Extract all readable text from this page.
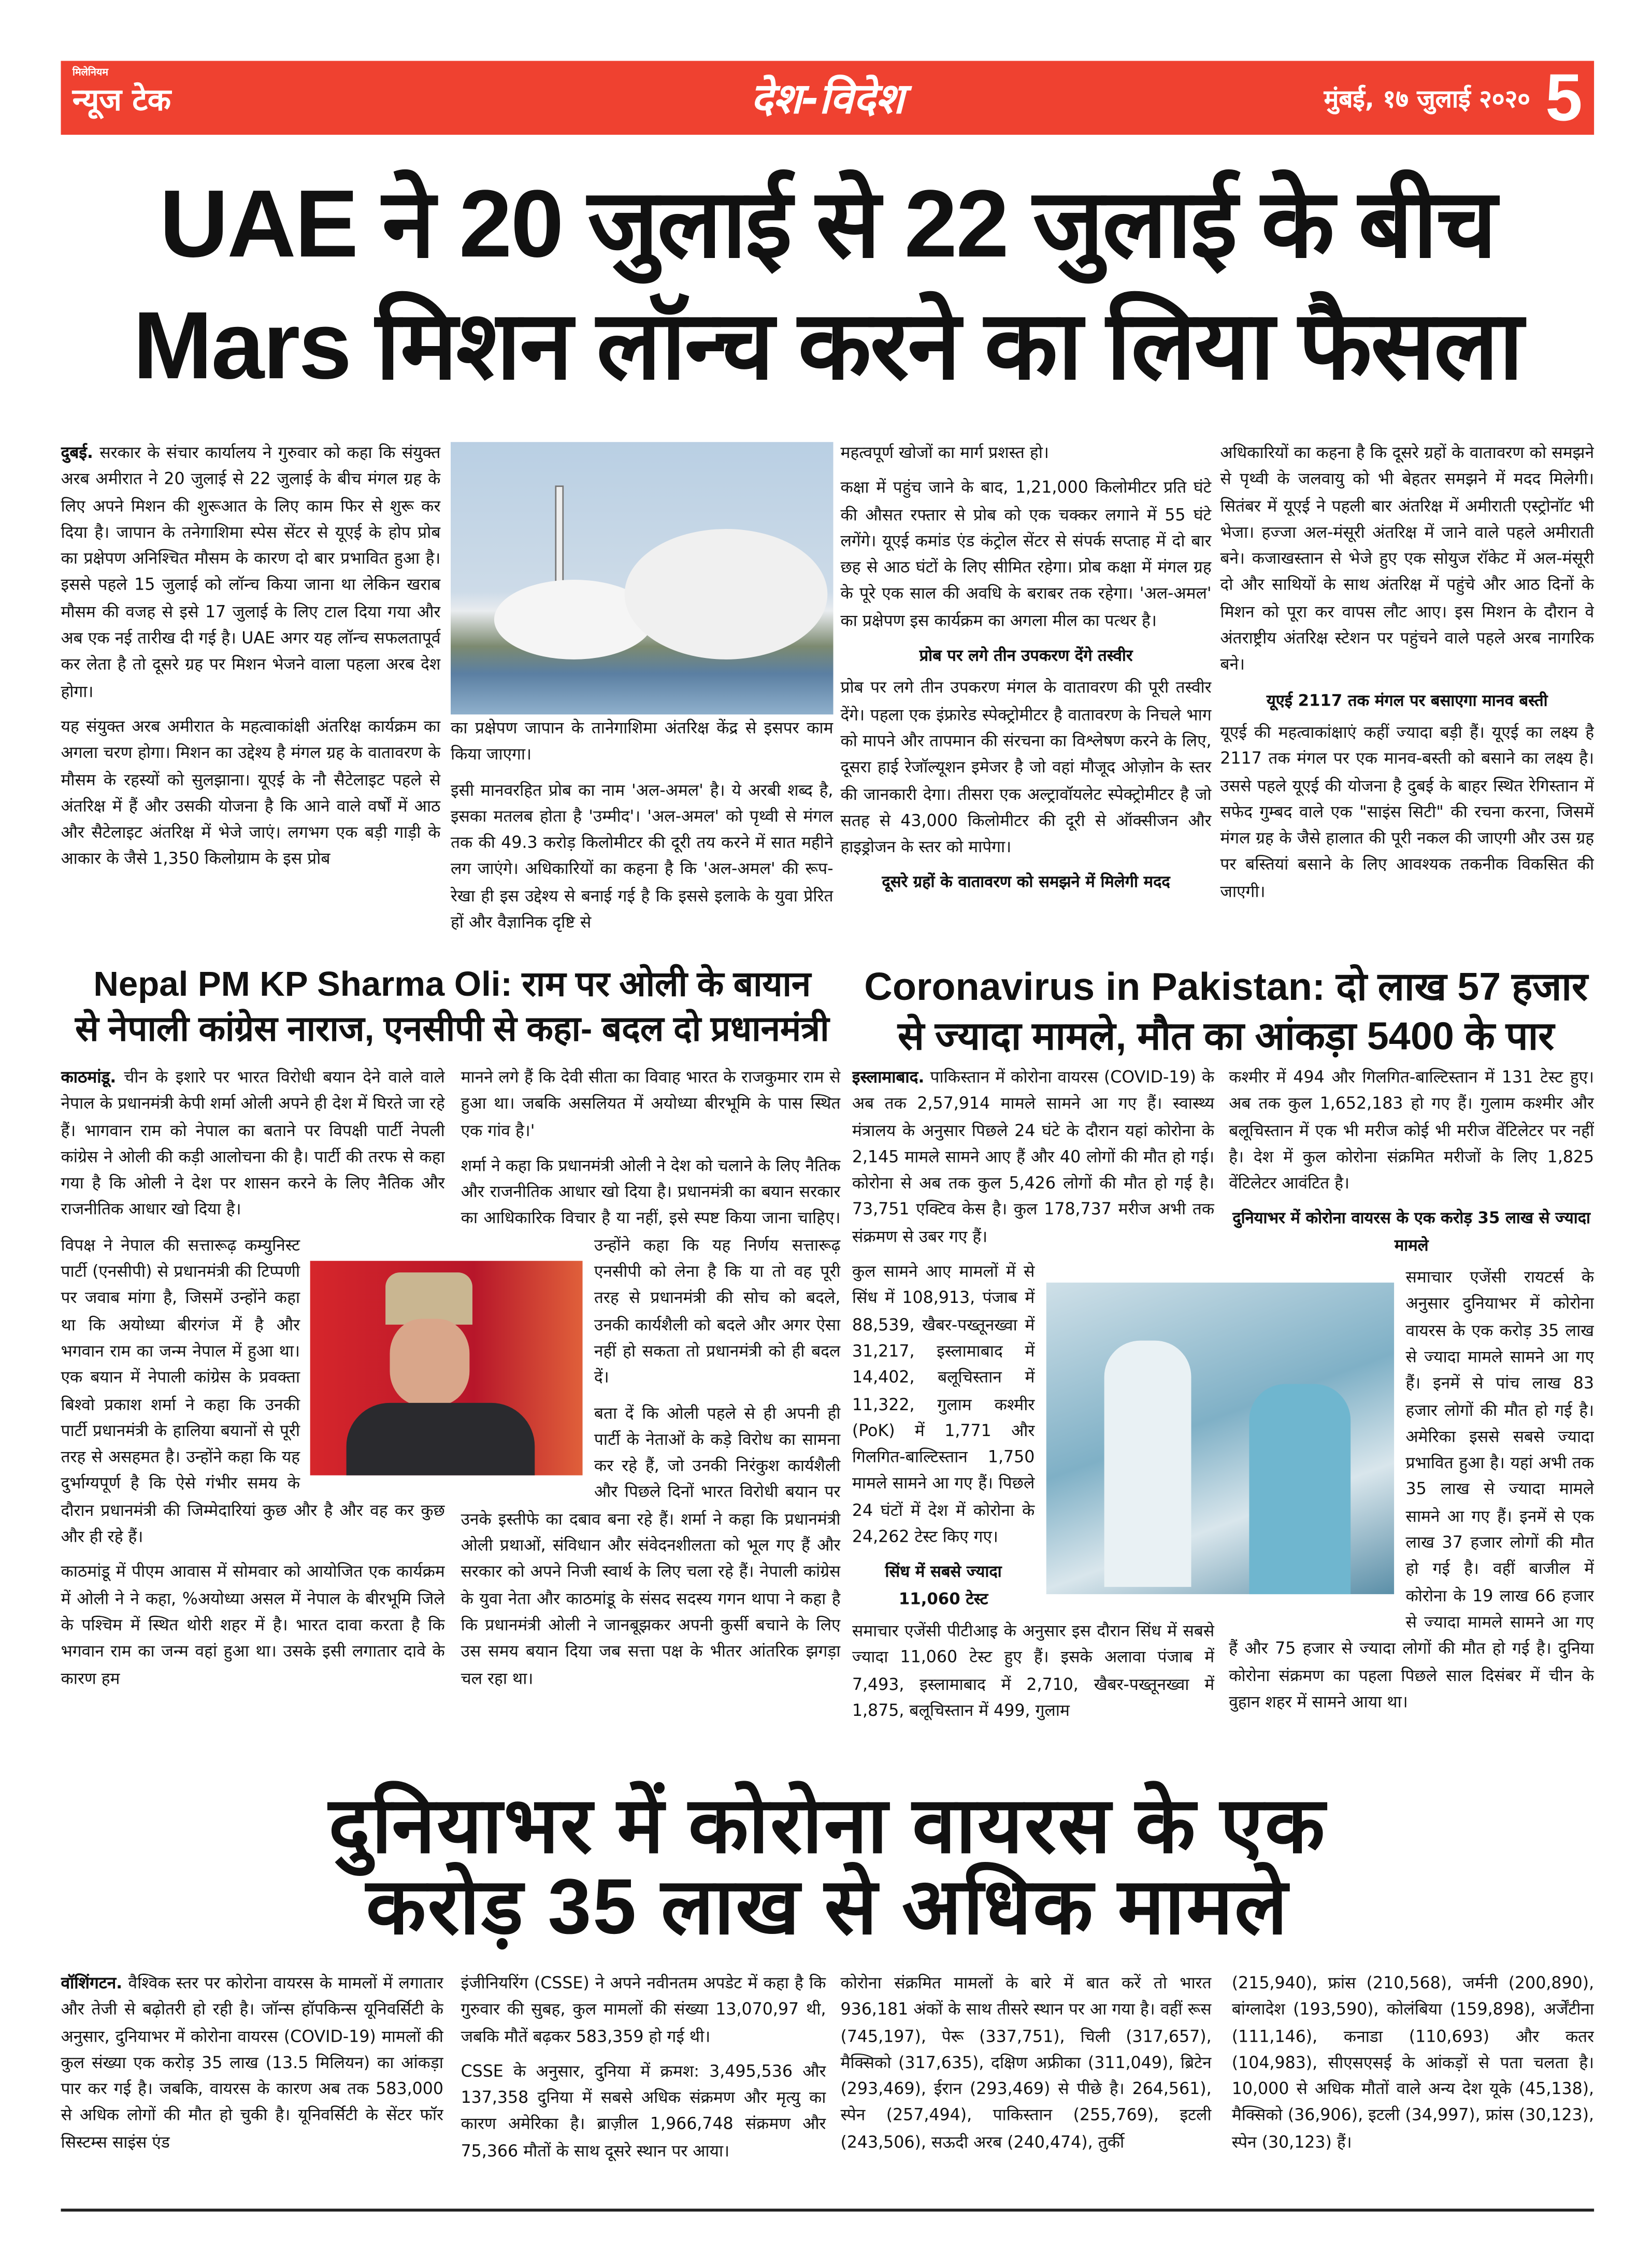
मिलेनियम
न्यूज टेक	देश-विदेश	मुंबई, १७ जुलाई २०२० 5
UAE ने 20 जुलाई से 22 जुलाई के बीच
Mars मिशन लॉन्च करने का लिया फैसला

दुबई. सरकार के संचार कार्यालय ने गुरुवार को कहा कि संयुक्त अरब अमीरात ने 20 जुलाई से 22 जुलाई के बीच मंगल ग्रह के लिए अपने मिशन की शुरूआत के लिए काम फिर से शुरू कर दिया है। जापान के तनेगाशिमा स्पेस सेंटर से यूएई के होप प्रोब का प्रक्षेपण अनिश्चित मौसम के कारण दो बार प्रभावित हुआ है। इससे पहले 15 जुलाई को लॉन्च किया जाना था लेकिन खराब मौसम की वजह से इसे 17 जुलाई के लिए टाल दिया गया और अब एक नई तारीख दी गई है। UAE अगर यह लॉन्च सफलतापूर्व कर लेता है तो दूसरे ग्रह पर मिशन भेजने वाला पहला अरब देश होगा।

यह संयुक्त अरब अमीरात के महत्वाकांक्षी अंतरिक्ष कार्यक्रम का अगला चरण होगा। मिशन का उद्देश्य है मंगल ग्रह के वातावरण के मौसम के रहस्यों को सुलझाना। यूएई के नौ सैटेलाइट पहले से अंतरिक्ष में हैं और उसकी योजना है कि आने वाले वर्षों में आठ और सैटेलाइट अंतरिक्ष में भेजे जाएं। लगभग एक बड़ी गाड़ी के आकार के जैसे 1,350 किलोग्राम के इस प्रोब

का प्रक्षेपण जापान के तानेगाशिमा अंतरिक्ष केंद्र से इसपर काम किया जाएगा।

इसी मानवरहित प्रोब का नाम 'अल-अमल' है। ये अरबी शब्द है, इसका मतलब होता है 'उम्मीद'। 'अल-अमल' को पृथ्वी से मंगल तक की 49.3 करोड़ किलोमीटर की दूरी तय करने में सात महीने लग जाएंगे। अधिकारियों का कहना है कि 'अल-अमल' की रूप-रेखा ही इस उद्देश्य से बनाई गई है कि इससे इलाके के युवा प्रेरित हों और वैज्ञानिक दृष्टि से

महत्वपूर्ण खोजों का मार्ग प्रशस्त हो।

कक्षा में पहुंच जाने के बाद, 1,21,000 किलोमीटर प्रति घंटे की औसत रफ्तार से प्रोब को एक चक्कर लगाने में 55 घंटे लगेंगे। यूएई कमांड एंड कंट्रोल सेंटर से संपर्क सप्ताह में दो बार छह से आठ घंटों के लिए सीमित रहेगा। प्रोब कक्षा में मंगल ग्रह के पूरे एक साल की अवधि के बराबर तक रहेगा। 'अल-अमल' का प्रक्षेपण इस कार्यक्रम का अगला मील का पत्थर है।

प्रोब पर लगे तीन उपकरण देंगे तस्वीर

प्रोब पर लगे तीन उपकरण मंगल के वातावरण की पूरी तस्वीर देंगे। पहला एक इंफ्रारेड स्पेक्ट्रोमीटर है वातावरण के निचले भाग को मापने और तापमान की संरचना का विश्लेषण करने के लिए, दूसरा हाई रेजॉल्यूशन इमेजर है जो वहां मौजूद ओज़ोन के स्तर की जानकारी देगा। तीसरा एक अल्ट्रावॉयलेट स्पेक्ट्रोमीटर है जो सतह से 43,000 किलोमीटर की दूरी से ऑक्सीजन और हाइड्रोजन के स्तर को मापेगा।

दूसरे ग्रहों के वातावरण को समझने में मिलेगी मदद

अधिकारियों का कहना है कि दूसरे ग्रहों के वातावरण को समझने से पृथ्वी के जलवायु को भी बेहतर समझने में मदद मिलेगी। सितंबर में यूएई ने पहली बार अंतरिक्ष में अमीराती एस्ट्रोनॉट भी भेजा। हज्जा अल-मंसूरी अंतरिक्ष में जाने वाले पहले अमीराती बने। कजाखस्तान से भेजे हुए एक सोयुज रॉकेट में अल-मंसूरी दो और साथियों के साथ अंतरिक्ष में पहुंचे और आठ दिनों के मिशन को पूरा कर वापस लौट आए। इस मिशन के दौरान वे अंतराष्ट्रीय अंतरिक्ष स्टेशन पर पहुंचने वाले पहले अरब नागरिक बने।

यूएई 2117 तक मंगल पर बसाएगा मानव बस्ती

यूएई की महत्वाकांक्षाएं कहीं ज्यादा बड़ी हैं। यूएई का लक्ष्य है 2117 तक मंगल पर एक मानव-बस्ती को बसाने का लक्ष्य है। उससे पहले यूएई की योजना है दुबई के बाहर स्थित रेगिस्तान में सफेद गुम्बद वाले एक "साइंस सिटी" की रचना करना, जिसमें मंगल ग्रह के जैसे हालात की पूरी नकल की जाएगी और उस ग्रह पर बस्तियां बसाने के लिए आवश्यक तकनीक विकसित की जाएगी।

Nepal PM KP Sharma Oli: राम पर ओली के बायान
से नेपाली कांग्रेस नाराज, एनसीपी से कहा- बदल दो प्रधानमंत्री
Coronavirus in Pakistan: दो लाख 57 हजार
से ज्यादा मामले, मौत का आंकड़ा 5400 के पार

काठमांडू. चीन के इशारे पर भारत विरोधी बयान देने वाले वाले नेपाल के प्रधानमंत्री केपी शर्मा ओली अपने ही देश में घिरते जा रहे हैं। भागवान राम को नेपाल का बताने पर विपक्षी पार्टी नेपली कांग्रेस ने ओली की कड़ी आलोचना की है। पार्टी की तरफ से कहा गया है कि ओली ने देश पर शासन करने के लिए नैतिक और राजनीतिक आधार खो दिया है।

विपक्ष ने नेपाल की सत्तारूढ़ कम्युनिस्ट पार्टी (एनसीपी) से प्रधानमंत्री की टिप्पणी पर जवाब मांगा है, जिसमें उन्होंने कहा था कि अयोध्या बीरगंज में है और भगवान राम का जन्म नेपाल में हुआ था। एक बयान में नेपाली कांग्रेस के प्रवक्ता बिश्वो प्रकाश शर्मा ने कहा कि उनकी पार्टी प्रधानमंत्री के हालिया बयानों से पूरी तरह से असहमत है। उन्होंने कहा कि यह दुर्भाग्यपूर्ण है कि ऐसे गंभीर समय के दौरान प्रधानमंत्री की जिम्मेदारियां कुछ और है और वह कर कुछ और ही रहे हैं।

काठमांडू में पीएम आवास में सोमवार को आयोजित एक कार्यक्रम में ओली ने ने कहा, %अयोध्या असल में नेपाल के बीरभूमि जिले के पश्चिम में स्थित थोरी शहर में है। भारत दावा करता है कि भगवान राम का जन्म वहां हुआ था। उसके इसी लगातार दावे के कारण हम

मानने लगे हैं कि देवी सीता का विवाह भारत के राजकुमार राम से हुआ था। जबकि असलियत में अयोध्या बीरभूमि के पास स्थित एक गांव है।'

शर्मा ने कहा कि प्रधानमंत्री ओली ने देश को चलाने के लिए नैतिक और राजनीतिक आधार खो दिया है। प्रधानमंत्री का बयान सरकार का आधिकारिक विचार है या नहीं, इसे स्पष्ट किया जाना चाहिए। उन्होंने कहा कि यह निर्णय सत्तारूढ़ एनसीपी को लेना है कि या तो वह पूरी तरह से प्रधानमंत्री की सोच को बदले, उनकी कार्यशैली को बदले और अगर ऐसा नहीं हो सकता तो प्रधानमंत्री को ही बदल दें।

बता दें कि ओली पहले से ही अपनी ही पार्टी के नेताओं के कड़े विरोध का सामना कर रहे हैं, जो उनकी निरंकुश कार्यशैली और पिछले दिनों भारत विरोधी बयान पर उनके इस्तीफे का दबाव बना रहे हैं। शर्मा ने कहा कि प्रधानमंत्री ओली प्रथाओं, संविधान और संवेदनशीलता को भूल गए हैं और सरकार को अपने निजी स्वार्थ के लिए चला रहे हैं। नेपाली कांग्रेस के युवा नेता और काठमांडू के संसद सदस्य गगन थापा ने कहा है कि प्रधानमंत्री ओली ने जानबूझकर अपनी कुर्सी बचाने के लिए उस समय बयान दिया जब सत्ता पक्ष के भीतर आंतरिक झगड़ा चल रहा था।

इस्लामाबाद. पाकिस्तान में कोरोना वायरस (COVID-19) के अब तक 2,57,914 मामले सामने आ गए हैं। स्वास्थ्य मंत्रालय के अनुसार पिछले 24 घंटे के दौरान यहां कोरोना के 2,145 मामले सामने आए हैं और 40 लोगों की मौत हो गई। कोरोना से अब तक कुल 5,426 लोगों की मौत हो गई है। 73,751 एक्टिव केस है। कुल 178,737 मरीज अभी तक संक्रमण से उबर गए हैं।

कुल सामने आए मामलों में से सिंध में 108,913, पंजाब में 88,539, खैबर-पख्तूनख्वा में 31,217, इस्लामाबाद में 14,402, बलूचिस्तान में 11,322, गुलाम कश्मीर (PoK) में 1,771 और गिलगित-बाल्टिस्तान 1,750 मामले सामने आ गए हैं। पिछले 24 घंटों में देश में कोरोना के 24,262 टेस्ट किए गए।

सिंध में सबसे ज्यादा 11,060 टेस्ट

समाचार एजेंसी पीटीआइ के अनुसार इस दौरान सिंध में सबसे ज्यादा 11,060 टेस्ट हुए हैं। इसके अलावा पंजाब में 7,493, इस्लामाबाद में 2,710, खैबर-पख्तूनख्वा में 1,875, बलूचिस्तान में 499, गुलाम

कश्मीर में 494 और गिलगित-बाल्टिस्तान में 131 टेस्ट हुए। अब तक कुल 1,652,183 हो गए हैं। गुलाम कश्मीर और बलूचिस्तान में एक भी मरीज कोई भी मरीज वेंटिलेटर पर नहीं है। देश में कुल कोरोना संक्रमित मरीजों के लिए 1,825 वेंटिलेटर आवंटित है।

दुनियाभर में कोरोना वायरस के एक करोड़ 35 लाख से ज्यादा मामले

समाचार एजेंसी रायटर्स के अनुसार दुनियाभर में कोरोना वायरस के एक करोड़ 35 लाख से ज्यादा मामले सामने आ गए हैं। इनमें से पांच लाख 83 हजार लोगों की मौत हो गई है। अमेरिका इससे सबसे ज्यादा प्रभावित हुआ है। यहां अभी तक 35 लाख से ज्यादा मामले सामने आ गए हैं। इनमें से एक लाख 37 हजार लोगों की मौत हो गई है। वहीं बाजील में कोरोना के 19 लाख 66 हजार से ज्यादा मामले सामने आ गए हैं और 75 हजार से ज्यादा लोगों की मौत हो गई है। दुनिया कोरोना संक्रमण का पहला पिछले साल दिसंबर में चीन के वुहान शहर में सामने आया था।

दुनियाभर में कोरोना वायरस के एक
करोड़ 35 लाख से अधिक मामले

वॉशिंगटन. वैश्विक स्तर पर कोरोना वायरस के मामलों में लगातार और तेजी से बढ़ोतरी हो रही है। जॉन्स हॉपकिन्स यूनिवर्सिटी के अनुसार, दुनियाभर में कोरोना वायरस (COVID-19) मामलों की कुल संख्या एक करोड़ 35 लाख (13.5 मिलियन) का आंकड़ा पार कर गई है। जबकि, वायरस के कारण अब तक 583,000 से अधिक लोगों की मौत हो चुकी है। यूनिवर्सिटी के सेंटर फॉर सिस्टम्स साइंस एंड

इंजीनियरिंग (CSSE) ने अपने नवीनतम अपडेट में कहा है कि गुरुवार की सुबह, कुल मामलों की संख्या 13,070,97 थी, जबकि मौतें बढ़कर 583,359 हो गई थी।

CSSE के अनुसार, दुनिया में क्रमश: 3,495,536 और 137,358 दुनिया में सबसे अधिक संक्रमण और मृत्यु का कारण अमेरिका है। ब्राज़ील 1,966,748 संक्रमण और 75,366 मौतों के साथ दूसरे स्थान पर आया।

कोरोना संक्रमित मामलों के बारे में बात करें तो भारत 936,181 अंकों के साथ तीसरे स्थान पर आ गया है। वहीं रूस (745,197), पेरू (337,751), चिली (317,657), मैक्सिको (317,635), दक्षिण अफ्रीका (311,049), ब्रिटेन (293,469), ईरान (293,469) से पीछे है। 264,561), स्पेन (257,494), पाकिस्तान (255,769), इटली (243,506), सऊदी अरब (240,474), तुर्की

(215,940), फ्रांस (210,568), जर्मनी (200,890), बांग्लादेश (193,590), कोलंबिया (159,898), अर्जेंटीना (111,146), कनाडा (110,693) और कतर (104,983), सीएसएसई के आंकड़ों से पता चलता है। 10,000 से अधिक मौतों वाले अन्य देश यूके (45,138), मैक्सिको (36,906), इटली (34,997), फ्रांस (30,123), स्पेन (30,123) हैं।
